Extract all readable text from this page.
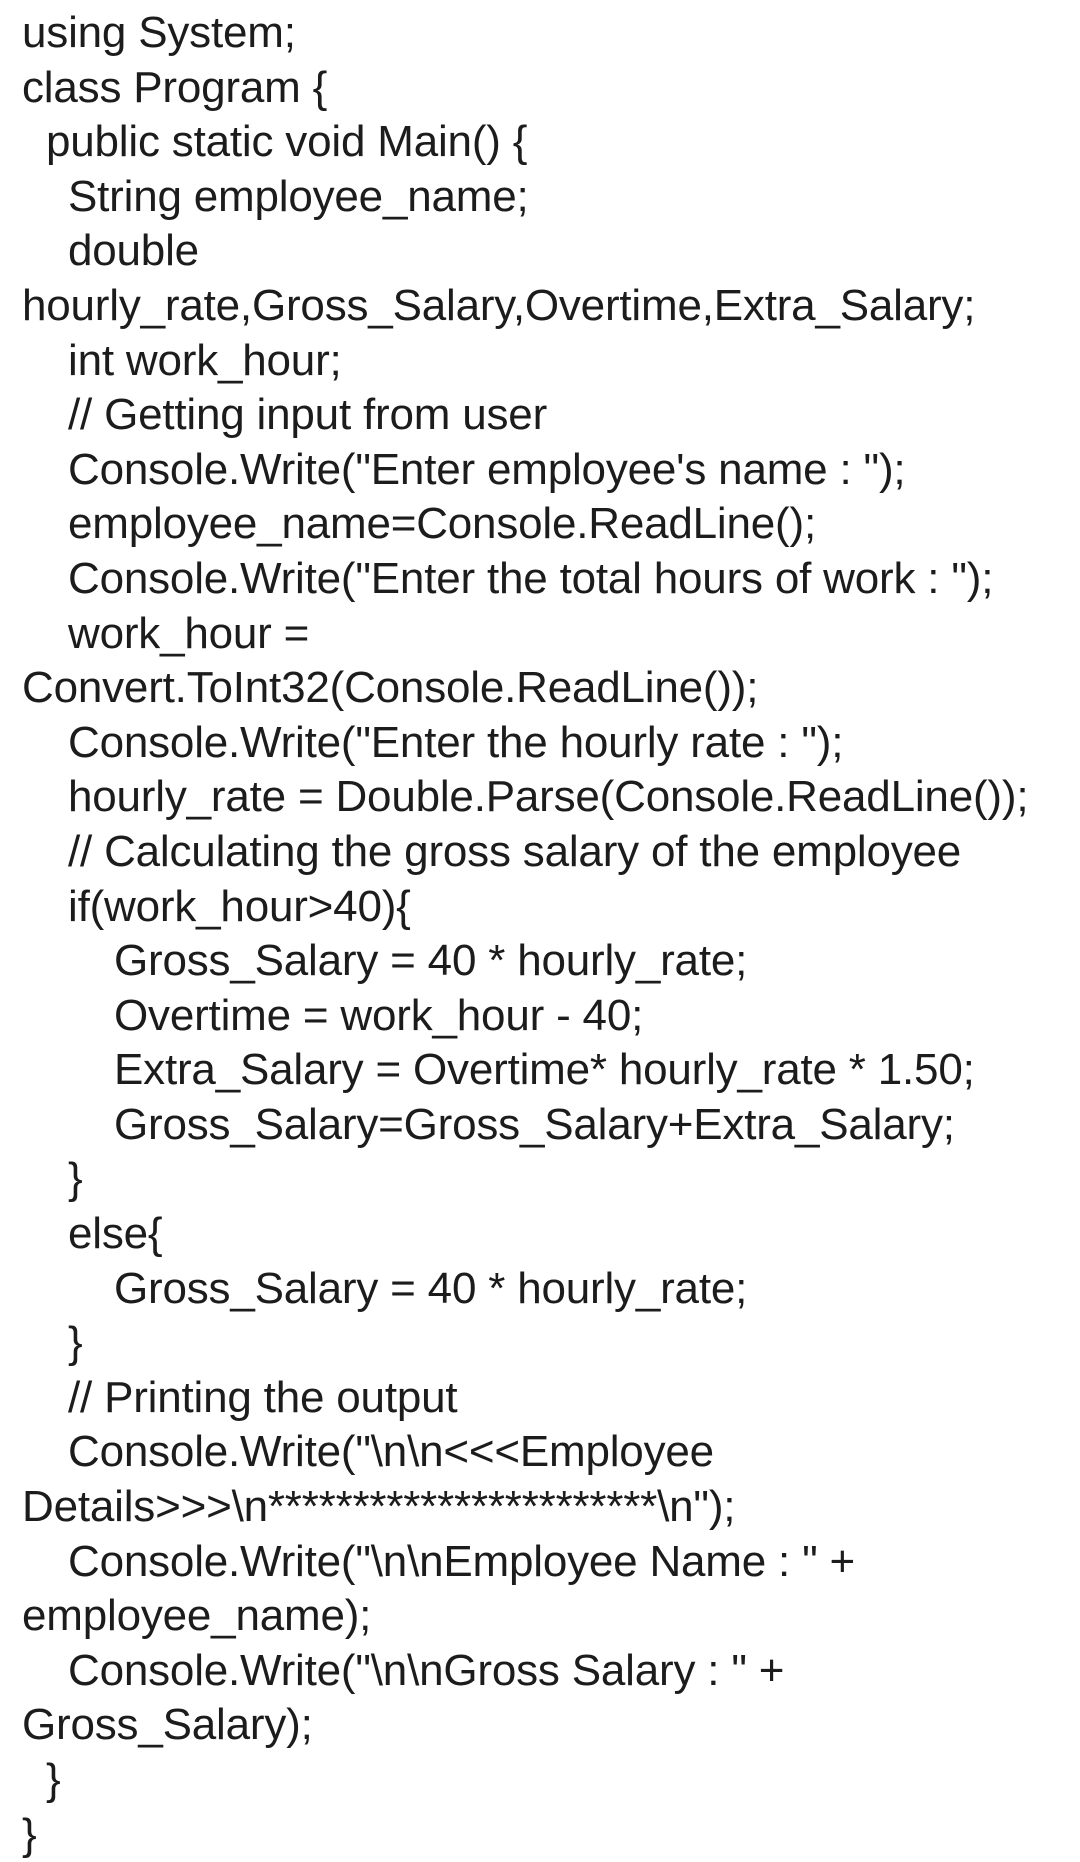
using System;
class Program {
public static void Main() {
String employee_name;
double
hourly_rate,Gross_Salary,Overtime,Extra_Salary;
int work_hour;
// Getting input from user
Console.Write("Enter employee's name : ");
employee_name=Console.ReadLine();
Console.Write("Enter the total hours of work : ");
work_hour =
Convert.ToInt32(Console.ReadLine());
Console.Write("Enter the hourly rate : ");
hourly_rate = Double.Parse(Console.ReadLine());
// Calculating the gross salary of the employee
if(work_hour>40){
Gross_Salary = 40 * hourly_rate;
Overtime = work_hour - 40;
Extra_Salary = Overtime* hourly_rate * 1.50;
Gross_Salary=Gross_Salary+Extra_Salary;
}
else{
Gross_Salary = 40 * hourly_rate;
}
// Printing the output
Console.Write("\n\n<<<Employee
Details>>>\n***********************\n");
Console.Write("\n\nEmployee Name : " +
employee_name);
Console.Write("\n\nGross Salary : " +
Gross_Salary);
}
}
